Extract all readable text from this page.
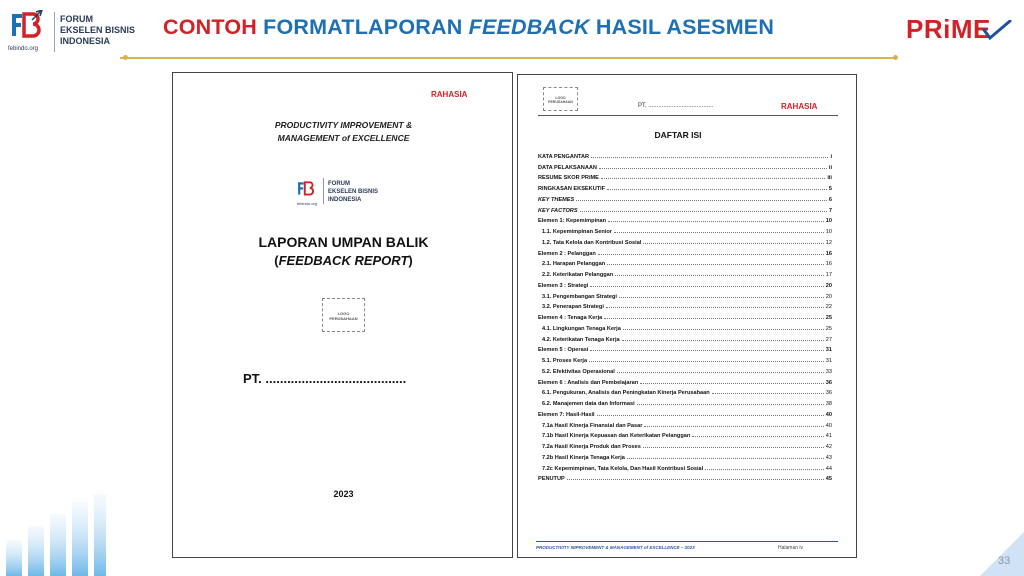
FORUM
EKSELEN BISNIS
INDONESIA
febindo.org
CONTOH FORMATLAPORAN FEEDBACK HASIL ASESMEN	PRiME
RAHASIA
PRODUCTIVITY IMPROVEMENT &
MANAGEMENT of EXCELLENCE
FORUM
EKSELEN BISNIS
INDONESIA
febindo.org
LAPORAN UMPAN BALIK
(FEEDBACK REPORT)
LOGO
PERUSAHAAN
PT. .......................................
2023
LOGO
PERUSAHAAN
PT. .......................................	RAHASIA
DAFTAR ISI
KATA PENGANTAR	i
DATA PELAKSANAAN	ii
RESUME SKOR PRiME	iii
RINGKASAN EKSEKUTIF	5
KEY THEMES	6
KEY FACTORS	7
Elemen 1: Kepemimpinan	10
1.1. Kepemimpinan Senior	10
1.2. Tata Kelola dan Kontribusi Sosial	12
Elemen 2 : Pelanggan	16
2.1. Harapan Pelanggan	16
2.2. Keterikatan Pelanggan	17
Elemen 3 : Strategi	20
3.1. Pengembangan Strategi	20
3.2. Penerapan Strategi	22
Elemen 4 : Tenaga Kerja	25
4.1. Lingkungan Tenaga Kerja	25
4.2. Keterikatan Tenaga Kerja	27
Elemen 5 : Operasi	31
5.1. Proses Kerja	31
5.2. Efektivitas Operasional	33
Elemen 6 : Analisis dan Pembelajaran	36
6.1. Pengukuran, Analisis dan Peningkatan Kinerja Perusahaan	36
6.2. Manajemen data dan Informasi	38
Elemen 7: Hasil-Hasil	40
7.1a Hasil Kinerja Finansial dan Pasar	40
7.1b Hasil Kinerja Kepuasan dan Keterikatan Pelanggan	41
7.2a Hasil Kinerja Produk dan Proses	42
7.2b Hasil Kinerja Tenaga Kerja	43
7.2c Kepemimpinan, Tata Kelola, Dan Hasil Kontribusi Sosial	44
PENUTUP	45
PRODUCTIVITY IMPROVEMENT & MANAGEMENT of EXCELLENCE – 2023	Halaman iv
33
